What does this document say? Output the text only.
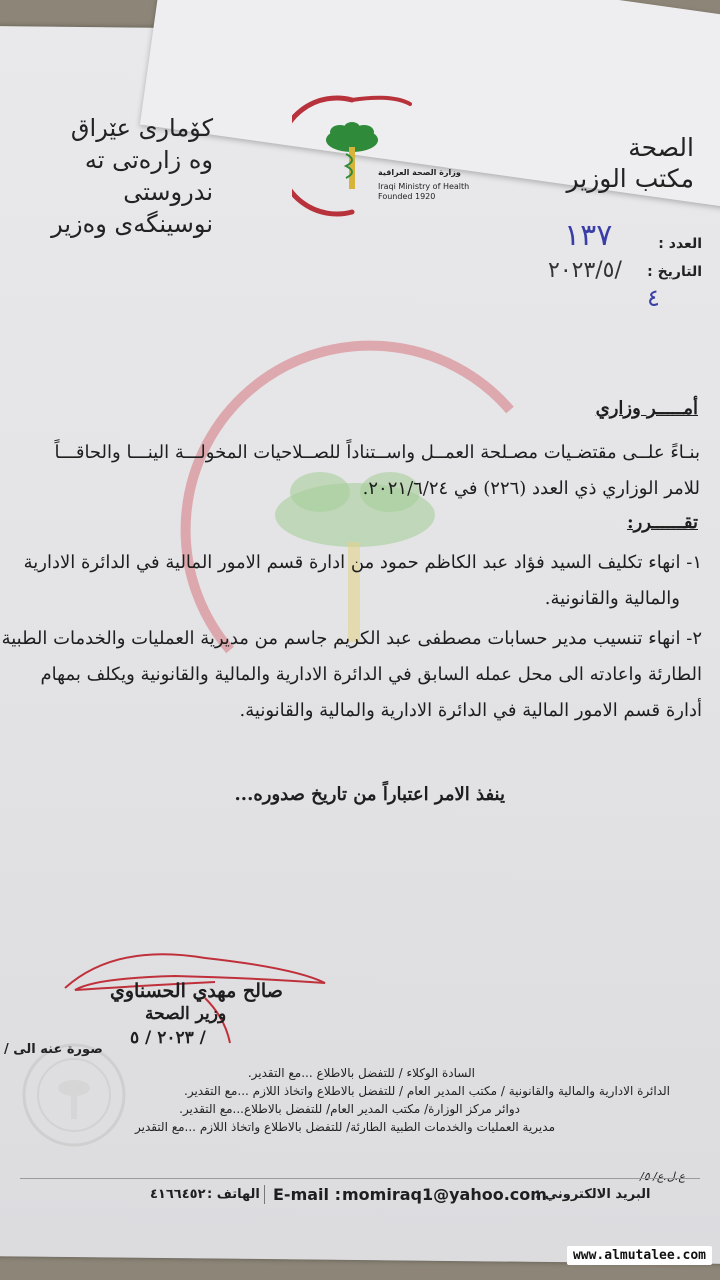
الصحة
مكتب الوزير
كۆماری عێراق
وه زارەتی تە ندروستی
نوسینگەی وەزیر
وزارة الصحة العراقية
Iraqi Ministry of Health
Founded 1920
العدد :
١٣٧
التاريخ :
٢٠٢٣/٥/
٤
أمـــــر وزاري
بنـاءً علــى مقتضـيات مصـلحة العمــل واســتناداً للصــلاحيات المخولـــة الينـــا والحاقـــاً
للامر الوزاري ذي العدد (٢٢٦) في ٢٠٢١/٦/٢٤.
تقــــــرر:
١- انهاء تكليف السيد فؤاد عبد الكاظم حمود من ادارة قسم الامور المالية في الدائرة الادارية
والمالية والقانونية.
٢- انهاء تنسيب مدير حسابات مصطفى عبد الكريم جاسم من مديرية العمليات والخدمات الطبية
الطارئة واعادته الى محل عمله السابق في الدائرة الادارية والمالية والقانونية ويكلف بمهام
أدارة قسم الامور المالية في الدائرة الادارية والمالية والقانونية.
ينفذ الامر اعتباراً من تاريخ صدوره...
صالح مهدي الحسناوي
وزير الصحة
٢٠٢٣ / ٥ /
صورة عنه الى /
السادة الوكلاء / للتفضل بالاطلاع ...مع التقدير.
الدائرة الادارية والمالية والقانونية / مكتب المدير العام / للتفضل بالاطلاع واتخاذ اللازم ...مع التقدير.
دوائر مركز الوزارة/ مكتب المدير العام/ للتفضل بالاطلاع...مع التقدير.
مديرية العمليات والخدمات الطبية الطارئة/ للتفضل بالاطلاع واتخاذ اللازم ...مع التقدير
ع.ل.ع/ ٥/
٤١٦٦٤٥٢ الهاتف : E-mail : momiraq1@yahoo.com
البريد الالكتروني :
www.almutalee.com
